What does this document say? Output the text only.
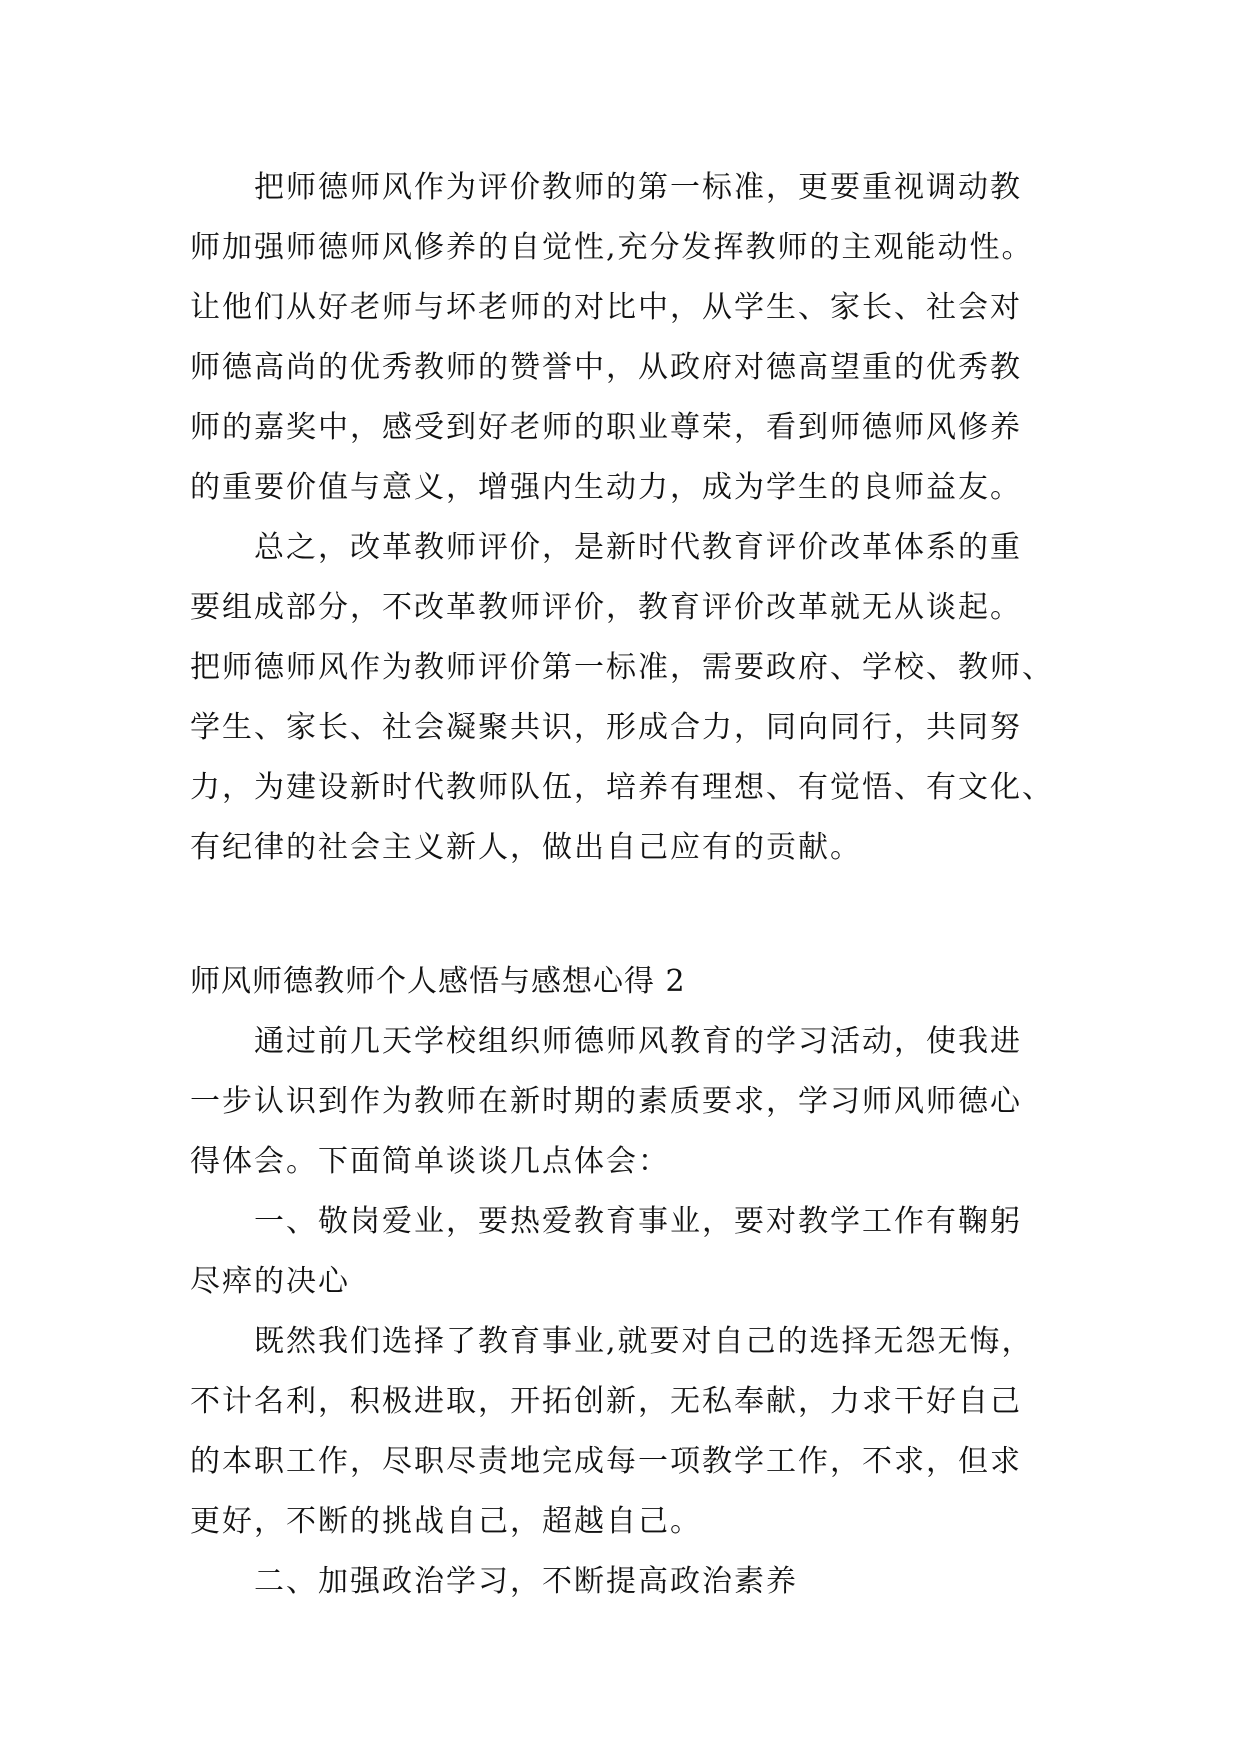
把师德师风作为评价教师的第一标准，更要重视调动教
师加强师德师风修养的自觉性,充分发挥教师的主观能动性。
让他们从好老师与坏老师的对比中，从学生、家长、社会对
师德高尚的优秀教师的赞誉中，从政府对德高望重的优秀教
师的嘉奖中，感受到好老师的职业尊荣，看到师德师风修养
的重要价值与意义，增强内生动力，成为学生的良师益友。
总之，改革教师评价，是新时代教育评价改革体系的重
要组成部分，不改革教师评价，教育评价改革就无从谈起。
把师德师风作为教师评价第一标准，需要政府、学校、教师、
学生、家长、社会凝聚共识，形成合力，同向同行，共同努
力，为建设新时代教师队伍，培养有理想、有觉悟、有文化、
有纪律的社会主义新人，做出自己应有的贡献。
师风师德教师个人感悟与感想心得 2
通过前几天学校组织师德师风教育的学习活动，使我进
一步认识到作为教师在新时期的素质要求，学习师风师德心
得体会。下面简单谈谈几点体会：
一、敬岗爱业，要热爱教育事业，要对教学工作有鞠躬
尽瘁的决心
既然我们选择了教育事业,就要对自己的选择无怨无悔，
不计名利，积极进取，开拓创新，无私奉献，力求干好自己
的本职工作，尽职尽责地完成每一项教学工作，不求，但求
更好，不断的挑战自己，超越自己。
二、加强政治学习，不断提高政治素养
